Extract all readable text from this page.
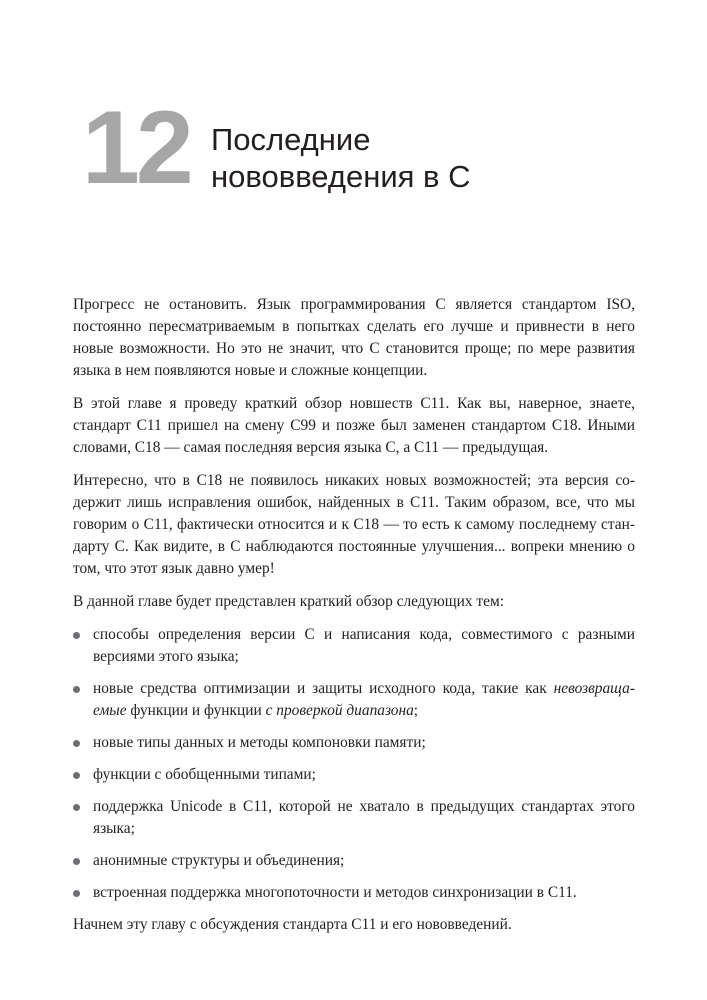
12 Последние
нововведения в С

Прогресс не остановить. Язык программирования С является стандартом ISO, постоянно пересматриваемым в попытках сделать его лучше и привнести в него новые возможности. Но это не значит, что С становится проще; по мере развития языка в нем появляются новые и сложные концепции.

В этой главе я проведу краткий обзор новшеств С11. Как вы, наверное, знаете, стандарт С11 пришел на смену С99 и позже был заменен стандартом С18. Иными словами, С18 — самая последняя версия языка С, а С11 — предыдущая.

Интересно, что в С18 не появилось никаких новых возможностей; эта версия содержит лишь исправления ошибок, найденных в С11. Таким образом, все, что мы говорим о С11, фактически относится и к С18 — то есть к самому последнему стандарту С. Как видите, в С наблюдаются постоянные улучшения... вопреки мнению о том, что этот язык давно умер!

В данной главе будет представлен краткий обзор следующих тем:

способы определения версии С и написания кода, совместимого с разными версиями этого языка;
новые средства оптимизации и защиты исходного кода, такие как невозвращаемые функции и функции с проверкой диапазона;
новые типы данных и методы компоновки памяти;
функции с обобщенными типами;
поддержка Unicode в С11, которой не хватало в предыдущих стандартах этого языка;
анонимные структуры и объединения;
встроенная поддержка многопоточности и методов синхронизации в С11.

Начнем эту главу с обсуждения стандарта С11 и его нововведений.
